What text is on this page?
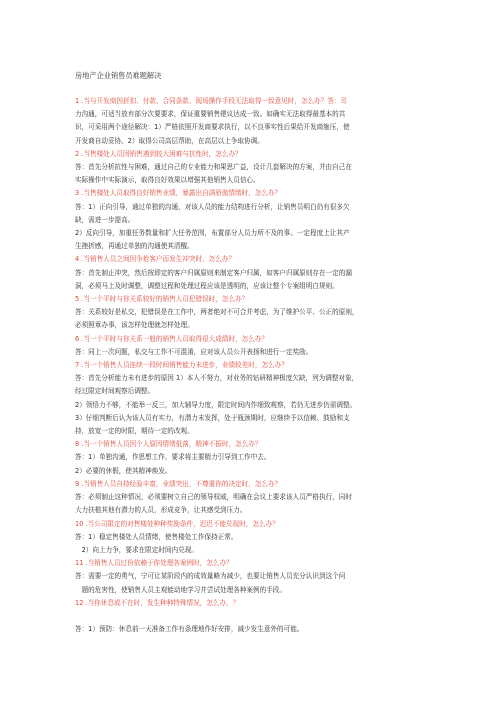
房地产企业销售员难题解决
1 .当与开发商因折扣、付款、合同条款、现场操作手段无法取得一致意见时，怎么办？答：尽
力沟通，可适当放弃部分次要要求，保证重要销售建议达成一致。如确实无法取得最基本的共
识，可采用两个途径解决：1）严格依照开发商要求执行，以不良事实性后果给开发商施压，使
开发商自动妥协。2）取得公司高层帮助，在高层以上争取协调。
2 .当售楼处人员因销售遇到较大困难与抗性时，怎么办？
答：首先分析抗性与困难，通过自己的专业能力和果思广益，设计几套解决的方案，并由自己在
实际操作中实际演示，取得良好效果以增强其他销售人员信心。
3 .当售楼处人员取得良好销售业绩，暴露出自满骄傲情绪时，怎么办？
答：1）正向引导，通过单独的沟通，对该人员的能力结构进行分析，让销售员明白仍有很多欠
缺，需进一步提高。
2）反向引导，加重任务数量和扩大任务范围，布置部分人员力所不及的事。一定程度上让其产
生挫折感，再通过单独的沟通使其清醒。
4 .当销售人员之间因争抢客户而发生冲突时，怎么办？
答：首先制止冲突，然后按即定的客户归属原则来制定客户归属，如客户归属原则存在一定的漏
洞，必须马上及时调整，调整过程和处理过程应该是透明的，应该让整个专案组明白规则。
5 .当一个平时与你关系较好的销售人员犯错误时，怎么办？
答：关系较好是私交，犯错误是在工作中，两者绝对不可合并考虑，为了维护公平、公正的原则，
必须照章办事，该怎样处理就怎样处理。
6 .当一个平时与你关系一般的销售人员取得很大成绩时，怎么办？
答：同上一次问题，私交与工作不可混淆，应对该人员公开表扬和进行一定奖励。
7 .当一个销售人员连续一段时间销售能力未进步，业绩较差时，怎么办？
答：首先分析能力未有进步的原因 1）本人不努力，对业务的钻研精神极度欠缺，列为调整对象，
经过限定时间观察后调整。
2）领悟力不够，不能举一反三，加大辅导力度，限定时间内作细致观察，若仍无进步仍需调整。
3）仔细判断后认为该人员有实力，有潜力未发挥，处于瓶颈期时，应继续予以信赖、鼓励和支
持，放宽一定的时限，期待一定的改观。
8 .当一个销售人员因个人原因情绪低落，精神不振时，怎么办？
答：1）单独沟通，作思想工作，要求将主要精力引导到工作中去。
2）必要的休假，使其精神焕发。
9 .当销售人员自持经验丰富，业绩突出，不尊重你的决定时，怎么办？
答：必须制止这种情况，必须要树立自己的领导权威，明确在会议上要求该人员严格执行，同时
大力扶植其他有潜力的人员，形成竞争，让其感受到压力。
10 .当公司限定的对售楼处种种奖励条件，迟迟不能兑现时，怎么办？
答：1）稳定售楼处人员情绪，使售楼处工作保持正常。
　2）向上力争，要求在限定时间内兑现。
11 .当销售人员过份依赖于你处理各案例时，怎么办？
答：需要一定的勇气，宁可让某阶段内的成效量略为减少，也要让销售人员充分认识到这个问
　题的危害性，使销售人员主观能动地学习并尝试处理各种案例的手段。
12 .当你休息或不在时，发生种种特殊情况，怎么办，？
答：1）预防：休息前一天准备工作有条理地作好安排，减少发生意外的可能。
